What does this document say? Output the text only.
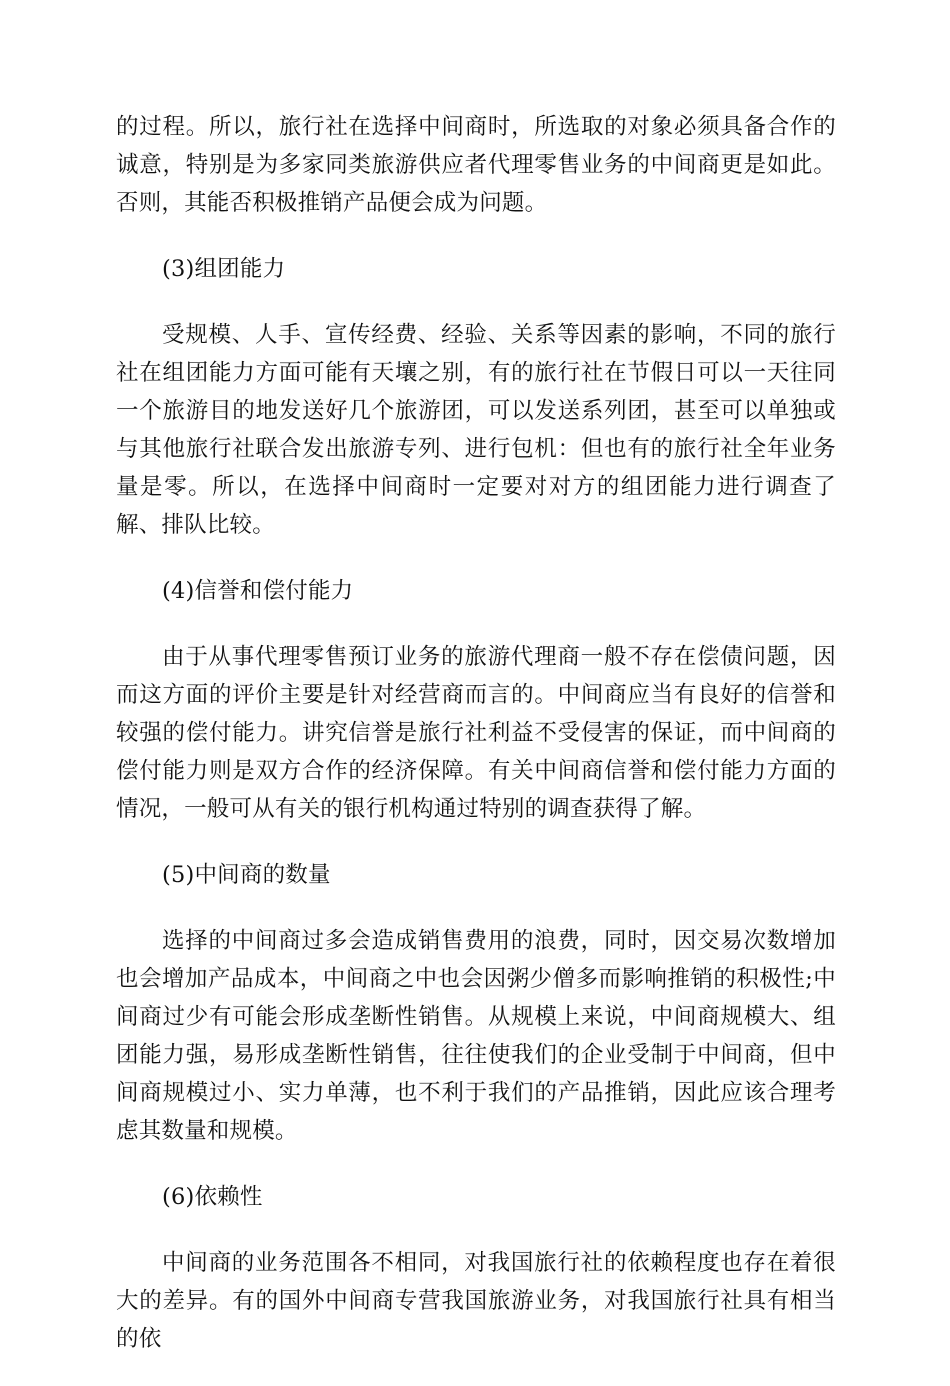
的过程。所以，旅行社在选择中间商时，所选取的对象必须具备合作的诚意，特别是为多家同类旅游供应者代理零售业务的中间商更是如此。否则，其能否积极推销产品便会成为问题。

(3)组团能力

受规模、人手、宣传经费、经验、关系等因素的影响，不同的旅行社在组团能力方面可能有天壤之别，有的旅行社在节假日可以一天往同一个旅游目的地发送好几个旅游团，可以发送系列团，甚至可以单独或与其他旅行社联合发出旅游专列、进行包机：但也有的旅行社全年业务量是零。所以，在选择中间商时一定要对对方的组团能力进行调查了解、排队比较。

(4)信誉和偿付能力

由于从事代理零售预订业务的旅游代理商一般不存在偿债问题，因而这方面的评价主要是针对经营商而言的。中间商应当有良好的信誉和较强的偿付能力。讲究信誉是旅行社利益不受侵害的保证，而中间商的偿付能力则是双方合作的经济保障。有关中间商信誉和偿付能力方面的情况，一般可从有关的银行机构通过特别的调查获得了解。

(5)中间商的数量

选择的中间商过多会造成销售费用的浪费，同时，因交易次数增加也会增加产品成本，中间商之中也会因粥少僧多而影响推销的积极性;中间商过少有可能会形成垄断性销售。从规模上来说，中间商规模大、组团能力强，易形成垄断性销售，往往使我们的企业受制于中间商，但中间商规模过小、实力单薄，也不利于我们的产品推销，因此应该合理考虑其数量和规模。

(6)依赖性

中间商的业务范围各不相同，对我国旅行社的依赖程度也存在着很大的差异。有的国外中间商专营我国旅游业务，对我国旅行社具有相当的依
